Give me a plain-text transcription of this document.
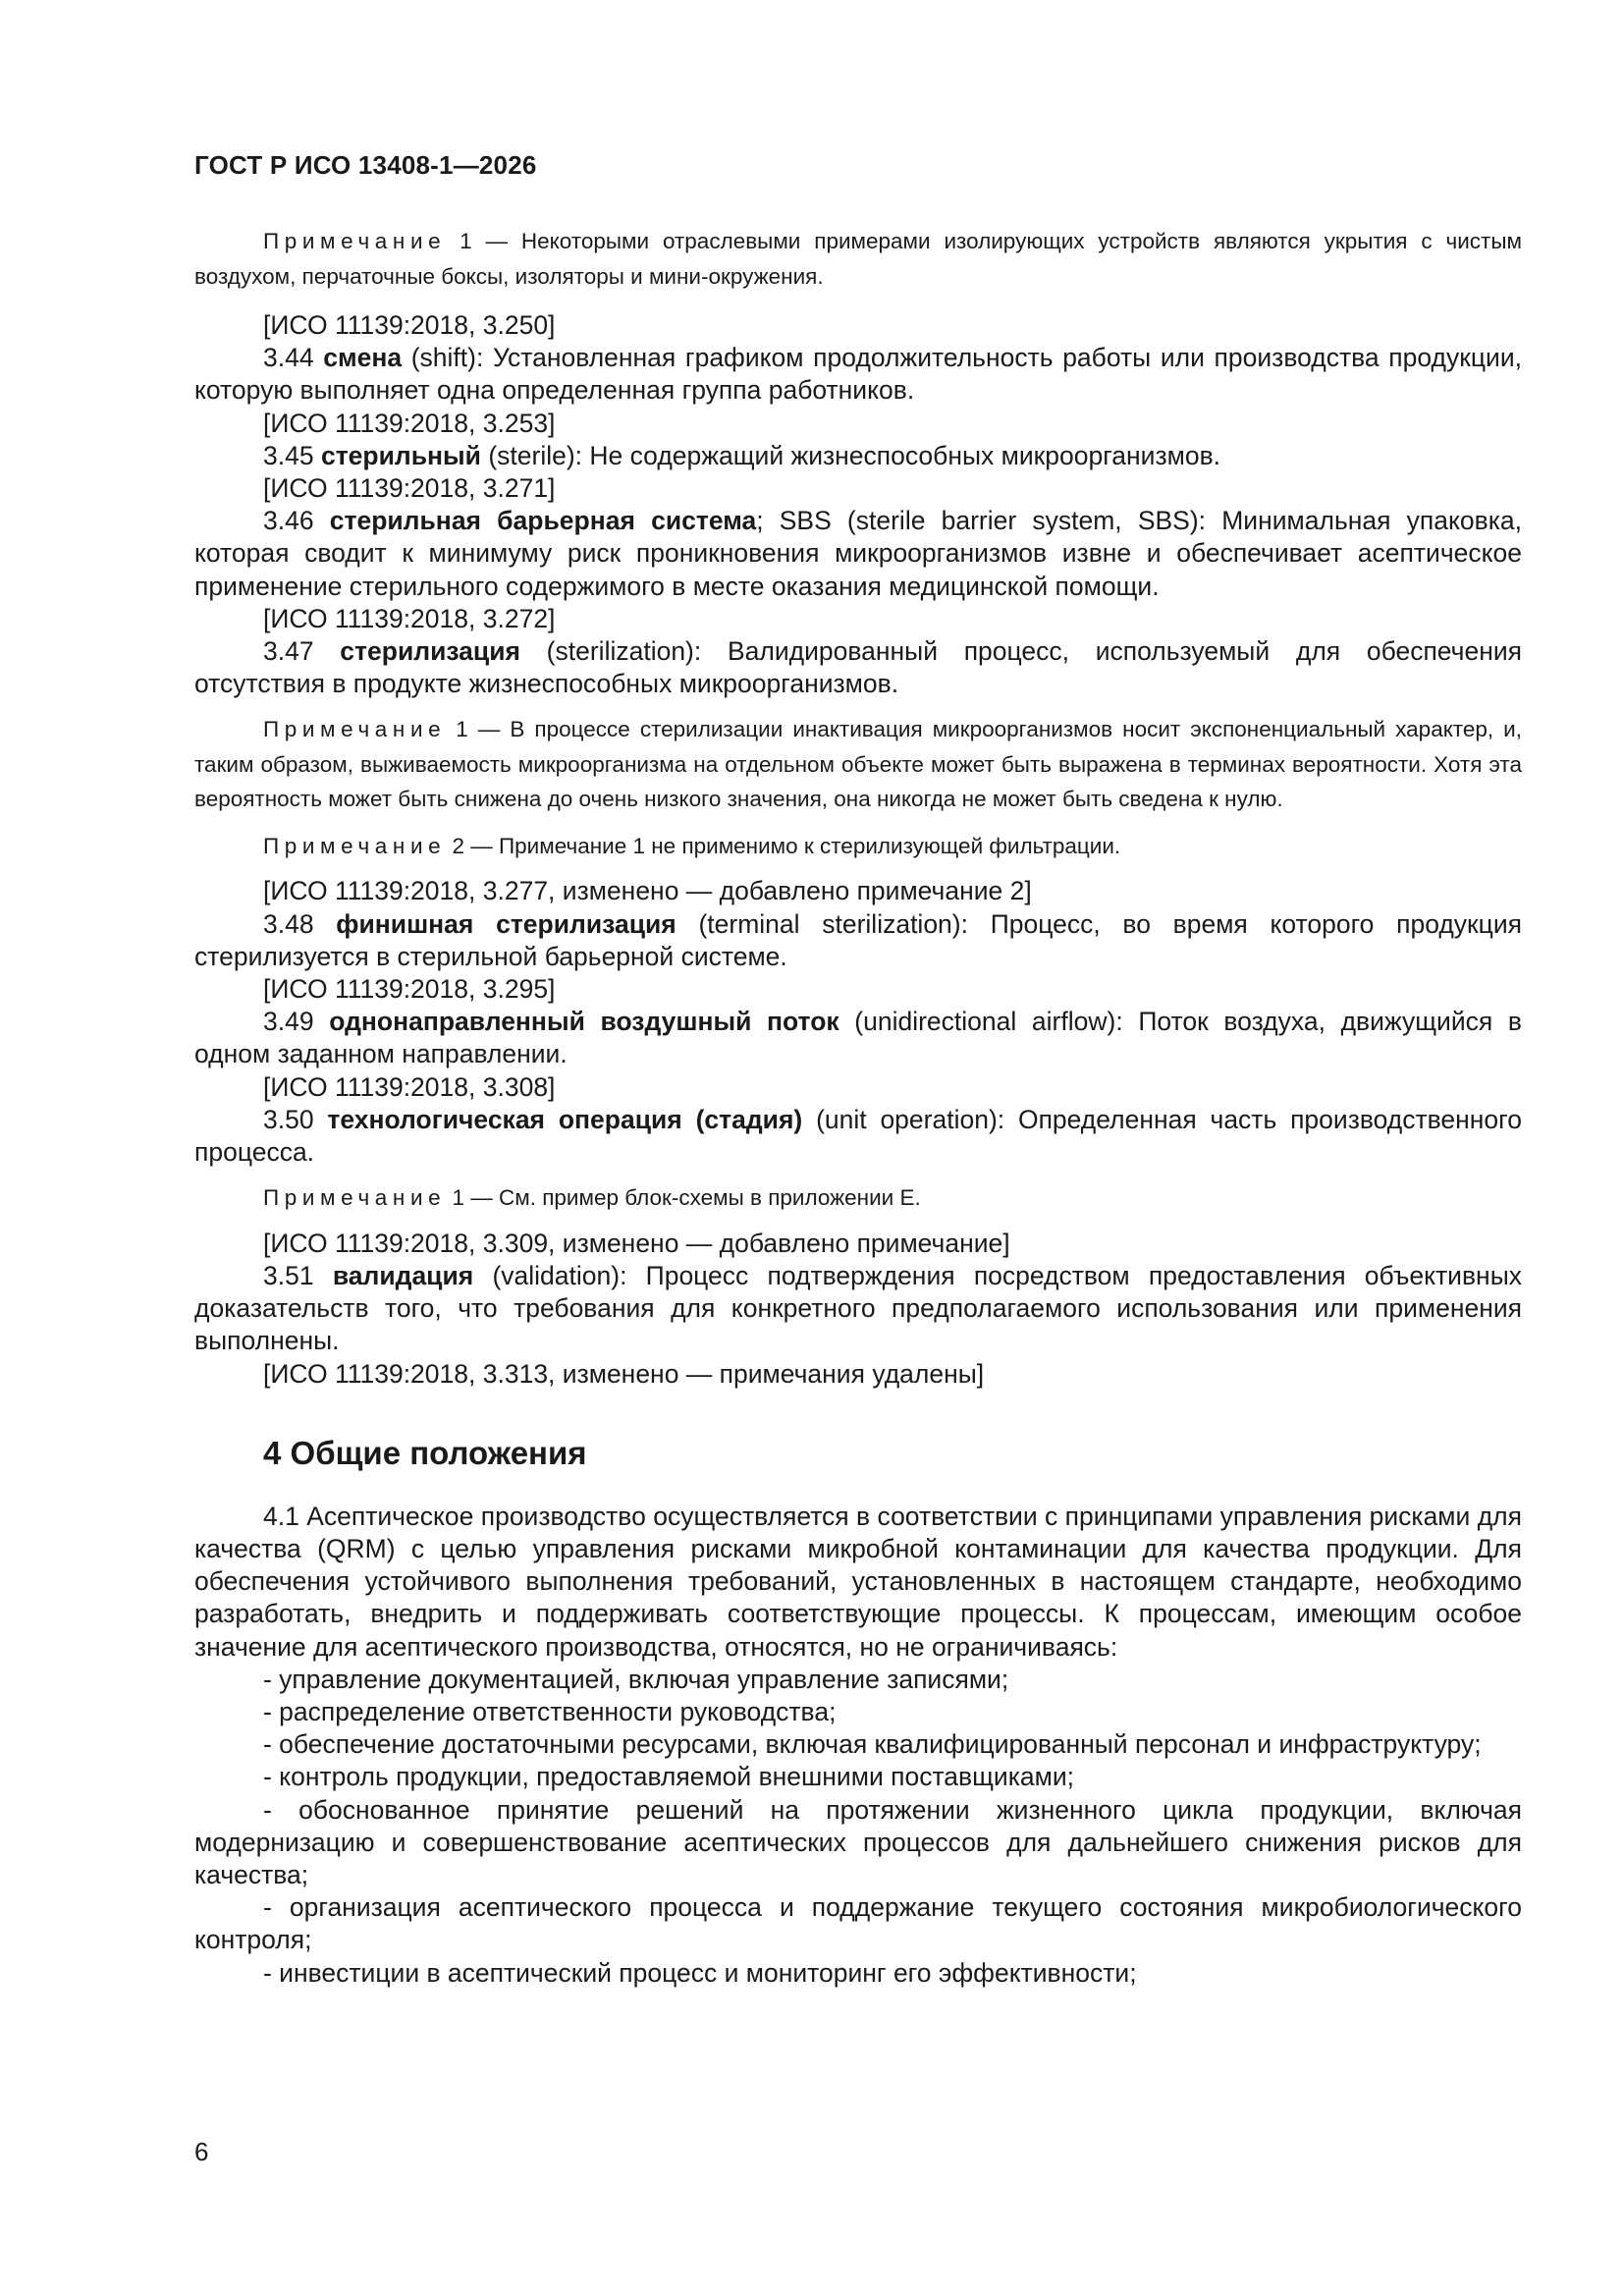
ГОСТ Р ИСО 13408-1—2026

Примечание 1 — Некоторыми отраслевыми примерами изолирующих устройств являются укрытия с чистым воздухом, перчаточные боксы, изоляторы и мини-окружения.

[ИСО 11139:2018, 3.250]

3.44 смена (shift): Установленная графиком продолжительность работы или производства продукции, которую выполняет одна определенная группа работников.

[ИСО 11139:2018, 3.253]

3.45 стерильный (sterile): Не содержащий жизнеспособных микроорганизмов.

[ИСО 11139:2018, 3.271]

3.46 стерильная барьерная система; SBS (sterile barrier system, SBS): Минимальная упаковка, которая сводит к минимуму риск проникновения микроорганизмов извне и обеспечивает асептическое применение стерильного содержимого в месте оказания медицинской помощи.

[ИСО 11139:2018, 3.272]

3.47 стерилизация (sterilization): Валидированный процесс, используемый для обеспечения отсутствия в продукте жизнеспособных микроорганизмов.

Примечание 1 — В процессе стерилизации инактивация микроорганизмов носит экспоненциальный характер, и, таким образом, выживаемость микроорганизма на отдельном объекте может быть выражена в терминах вероятности. Хотя эта вероятность может быть снижена до очень низкого значения, она никогда не может быть сведена к нулю.

Примечание 2 — Примечание 1 не применимо к стерилизующей фильтрации.

[ИСО 11139:2018, 3.277, изменено — добавлено примечание 2]

3.48 финишная стерилизация (terminal sterilization): Процесс, во время которого продукция стерилизуется в стерильной барьерной системе.

[ИСО 11139:2018, 3.295]

3.49 однонаправленный воздушный поток (unidirectional airflow): Поток воздуха, движущийся в одном заданном направлении.

[ИСО 11139:2018, 3.308]

3.50 технологическая операция (стадия) (unit operation): Определенная часть производственного процесса.

Примечание 1 — См. пример блок-схемы в приложении Е.

[ИСО 11139:2018, 3.309, изменено — добавлено примечание]

3.51 валидация (validation): Процесс подтверждения посредством предоставления объективных доказательств того, что требования для конкретного предполагаемого использования или применения выполнены.

[ИСО 11139:2018, 3.313, изменено — примечания удалены]

4 Общие положения

4.1 Асептическое производство осуществляется в соответствии с принципами управления рисками для качества (QRM) с целью управления рисками микробной контаминации для качества продукции. Для обеспечения устойчивого выполнения требований, установленных в настоящем стандарте, необходимо разработать, внедрить и поддерживать соответствующие процессы. К процессам, имеющим особое значение для асептического производства, относятся, но не ограничиваясь:

- управление документацией, включая управление записями;

- распределение ответственности руководства;

- обеспечение достаточными ресурсами, включая квалифицированный персонал и инфраструктуру;

- контроль продукции, предоставляемой внешними поставщиками;

- обоснованное принятие решений на протяжении жизненного цикла продукции, включая модернизацию и совершенствование асептических процессов для дальнейшего снижения рисков для качества;

- организация асептического процесса и поддержание текущего состояния микробиологического контроля;

- инвестиции в асептический процесс и мониторинг его эффективности;

6
